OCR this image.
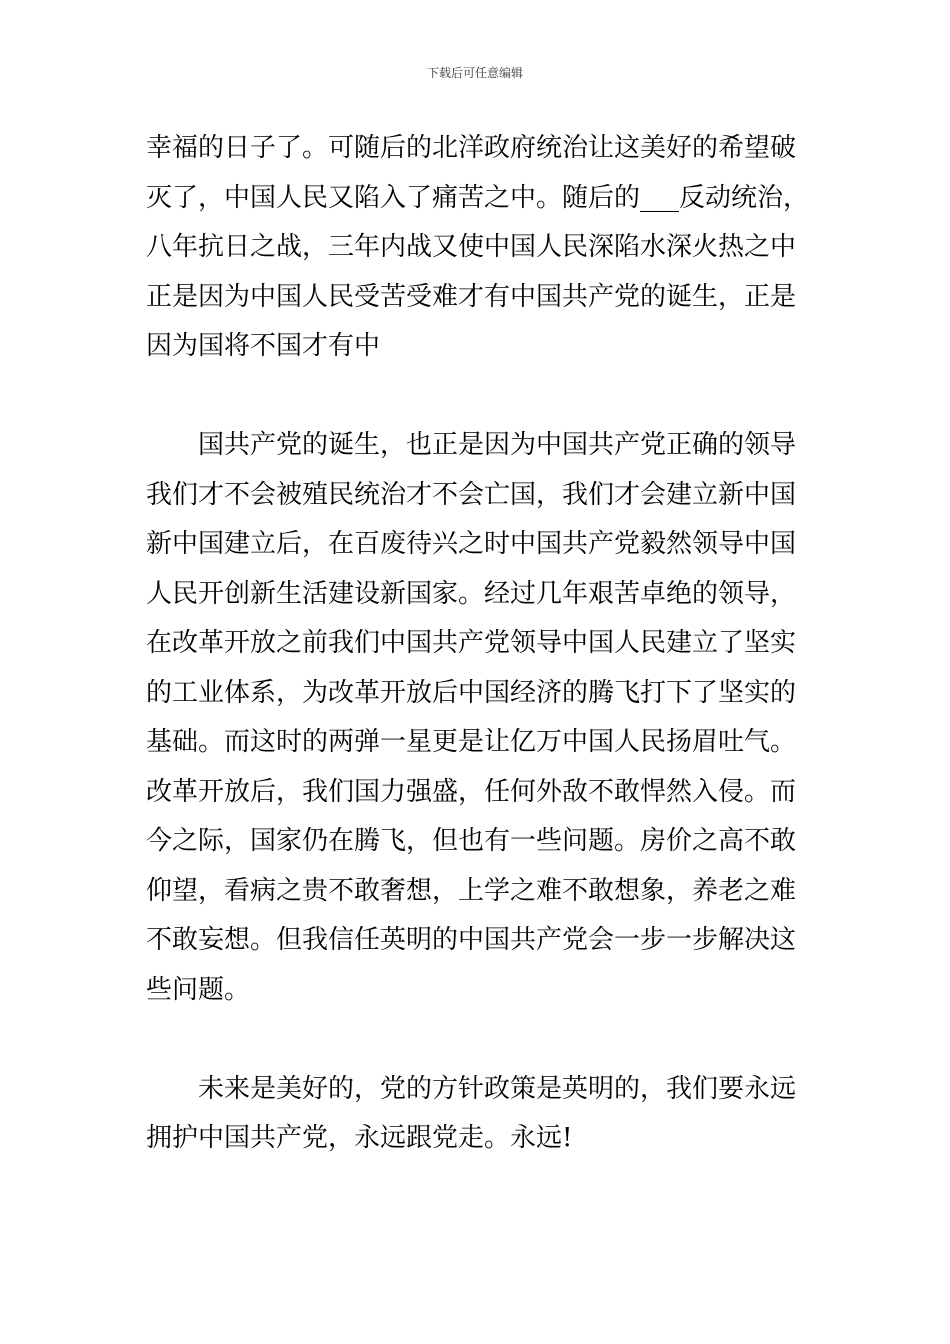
下载后可任意编辑
幸福的日子了。可随后的北洋政府统治让这美好的希望破
灭了，中国人民又陷入了痛苦之中。随后的___反动统治，
八年抗日之战，三年内战又使中国人民深陷水深火热之中
正是因为中国人民受苦受难才有中国共产党的诞生，正是
因为国将不国才有中
国共产党的诞生，也正是因为中国共产党正确的领导
我们才不会被殖民统治才不会亡国，我们才会建立新中国
新中国建立后，在百废待兴之时中国共产党毅然领导中国
人民开创新生活建设新国家。经过几年艰苦卓绝的领导，
在改革开放之前我们中国共产党领导中国人民建立了坚实
的工业体系，为改革开放后中国经济的腾飞打下了坚实的
基础。而这时的两弹一星更是让亿万中国人民扬眉吐气。
改革开放后，我们国力强盛，任何外敌不敢悍然入侵。而
今之际，国家仍在腾飞，但也有一些问题。房价之高不敢
仰望，看病之贵不敢奢想，上学之难不敢想象，养老之难
不敢妄想。但我信任英明的中国共产党会一步一步解决这
些问题。
未来是美好的，党的方针政策是英明的，我们要永远
拥护中国共产党，永远跟党走。永远!
